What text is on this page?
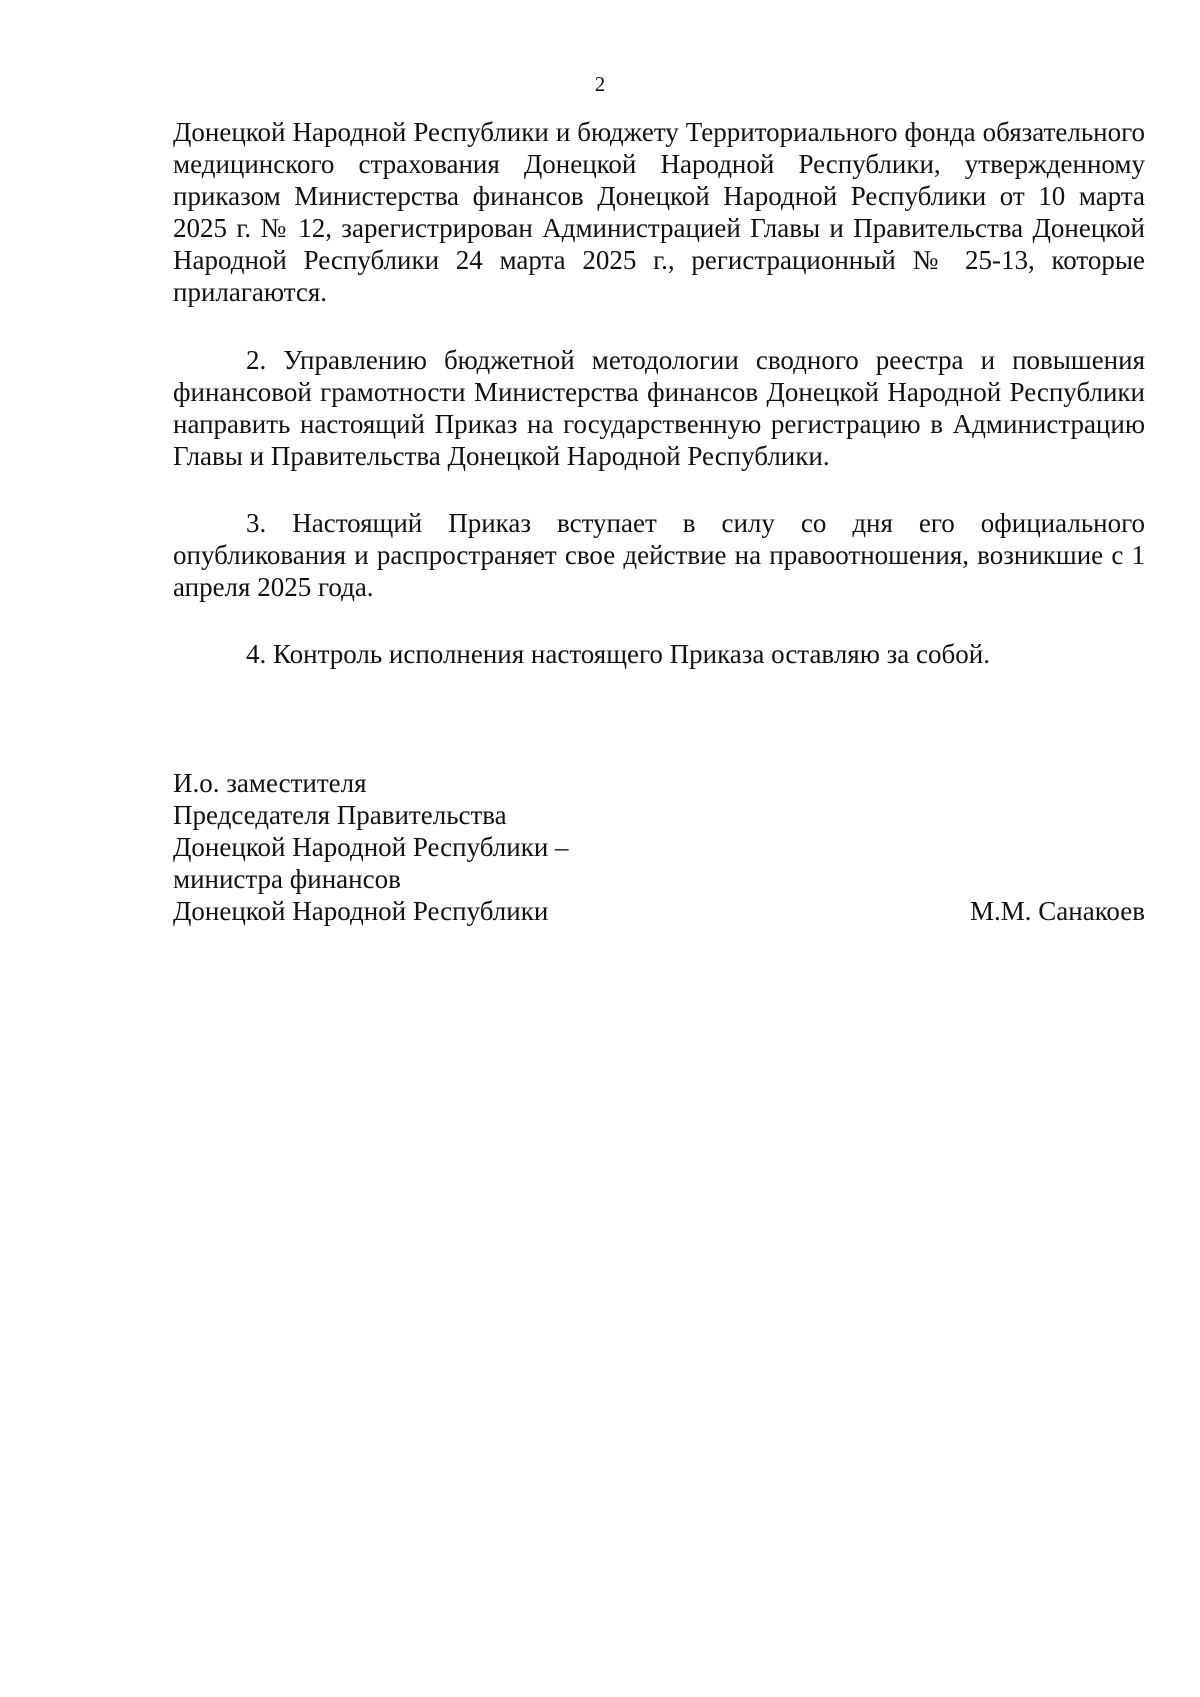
2
Донецкой Народной Республики и бюджету Территориального фонда обязательного медицинского страхования Донецкой Народной Республики, утвержденному приказом Министерства финансов Донецкой Народной Республики от 10 марта 2025 г. № 12, зарегистрирован Администрацией Главы и Правительства Донецкой Народной Республики 24 марта 2025 г., регистрационный № 25-13, которые прилагаются.
2. Управлению бюджетной методологии сводного реестра и повышения финансовой грамотности Министерства финансов Донецкой Народной Республики направить настоящий Приказ на государственную регистрацию в Администрацию Главы и Правительства Донецкой Народной Республики.
3. Настоящий Приказ вступает в силу со дня его официального опубликования и распространяет свое действие на правоотношения, возникшие с 1 апреля 2025 года.
4. Контроль исполнения настоящего Приказа оставляю за собой.
И.о. заместителя
Председателя Правительства
Донецкой Народной Республики –
министра финансов
Донецкой Народной Республики	М.М. Санакоев
